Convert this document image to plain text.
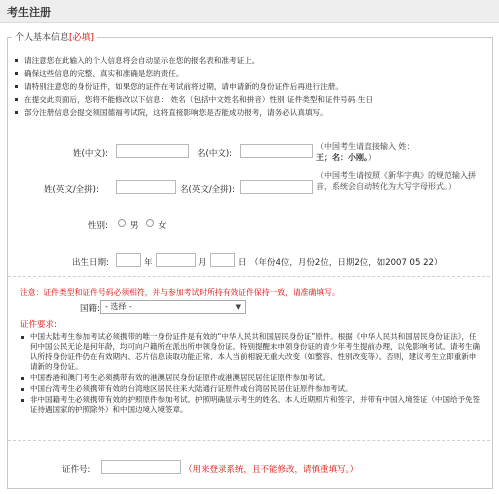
考生注册
个人基本信息[必填]
请注意您在此输入的个人信息将会自动显示在您的报名表和准考证上。
确保这些信息的完整、真实和准确是您的责任。
请特别注意您的身份证件，如果您的证件在考试前将过期，请申请新的身份证件后再进行注册。
在提交此页面后，您将不能修改以下信息： 姓名（包括中文姓名和拼音）性别 证件类型和证件号码 生日
部分注册信息会提交须国德福考试院，这将直接影响您是否能成功报考，请务必认真填写。
姓(中文):	名(中文):
（中国考生请直接输入 姓：
王；名：小刚。）
姓(英文/全拼):	名(英文/全拼):
（中国考生请按照《新华字典》的规范输入拼音，系统会自动转化为大写字母形式。）
性别:	男 女
出生日期:	年	月	日 （年份4位，月份2位，日期2位，如2007 05 22）
注意：证件类型和证件号码必须相符，并与参加考试时所持有效证件保持一致，请准确填写。
国籍: - 选择 -	▼
证件要求:
中国大陆考生参加考试必须携带的唯一身份证件是有效的“中华人民共和国居民身份证”原件。根据《中华人民共和国居民身份证法》，任何中国公民无论是何年龄，均可向户籍所在派出所申领身份证。特别提醒未申领身份证的青少年考生提前办理，以免影响考试。请考生确认所持身份证件仍在有效期内、芯片信息读取功能正常、本人当前相貌无重大改变（如整容、性别改变等）。否则，建议考生立即重新申请新的身份证。
中国香港和澳门考生必须携带有效的港澳居民身份证原件或港澳居民居住证原件参加考试。
中国台湾考生必须携带有效的台湾地区居民往来大陆通行证原件或台湾居民居住证原件参加考试。
非中国籍考生必须携带有效的护照原件参加考试。护照明确显示考生的姓名、本人近期照片和签字，并带有中国入境签证（中国给予免签证待遇国家的护照除外）和中国边境入境签章。
证件号:	（用来登录系统，且不能修改，请慎重填写。）
